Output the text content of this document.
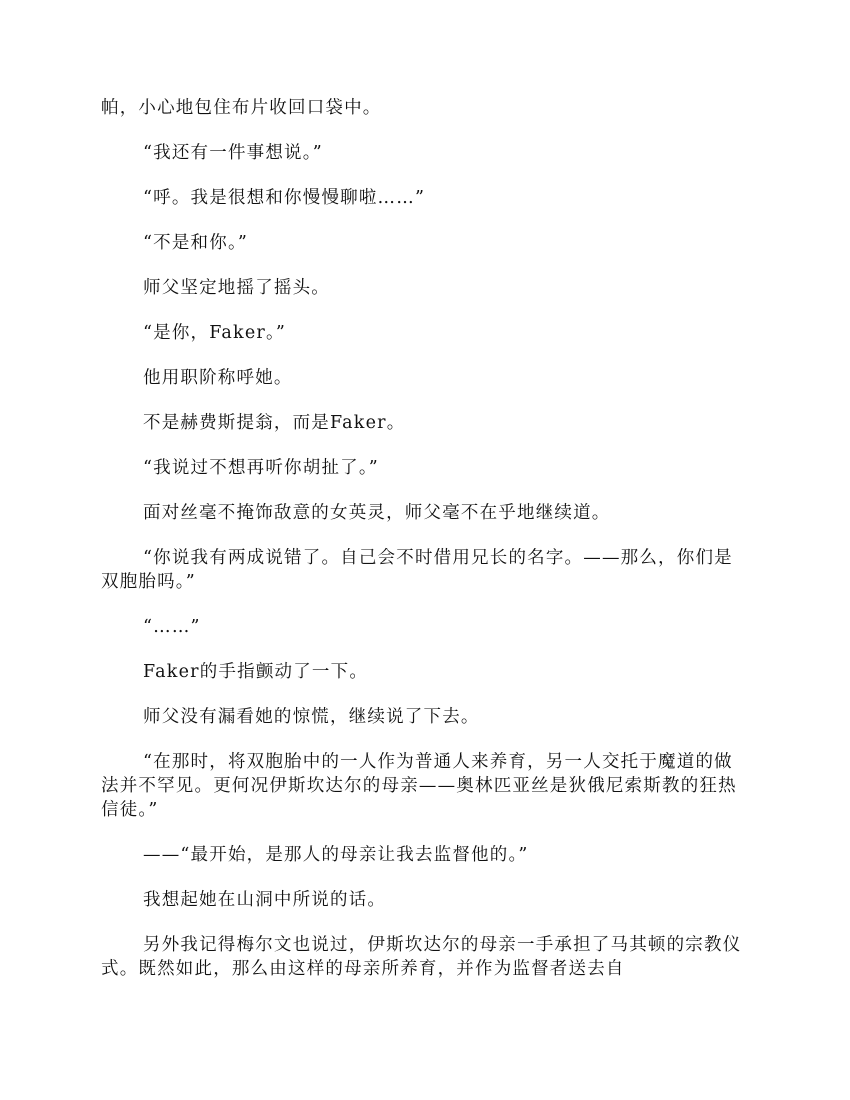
帕，小心地包住布片收回口袋中。

“我还有一件事想说。”

“呼。我是很想和你慢慢聊啦……”

“不是和你。”

师父坚定地摇了摇头。

“是你，Faker。”

他用职阶称呼她。

不是赫费斯提翁，而是Faker。

“我说过不想再听你胡扯了。”

面对丝毫不掩饰敌意的女英灵，师父毫不在乎地继续道。

“你说我有两成说错了。自己会不时借用兄长的名字。——那么，你们是双胞胎吗。”

“……”

Faker的手指颤动了一下。

师父没有漏看她的惊慌，继续说了下去。

“在那时，将双胞胎中的一人作为普通人来养育，另一人交托于魔道的做法并不罕见。更何况伊斯坎达尔的母亲——奥林匹亚丝是狄俄尼索斯教的狂热信徒。”

——“最开始，是那人的母亲让我去监督他的。”

我想起她在山洞中所说的话。

另外我记得梅尔文也说过，伊斯坎达尔的母亲一手承担了马其顿的宗教仪式。既然如此，那么由这样的母亲所养育，并作为监督者送去自
